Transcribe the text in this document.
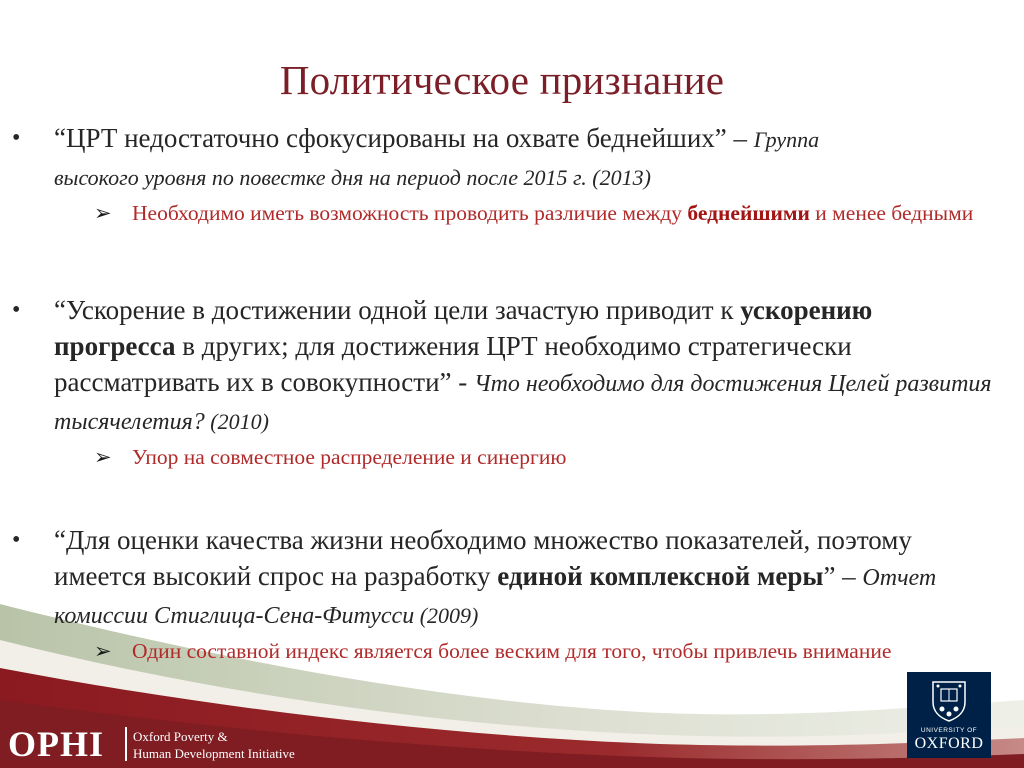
Политическое признание
• “ЦРТ недостаточно сфокусированы на охвате беднейших” – Группа
высокого уровня по повестке дня на период после 2015 г. (2013)
➢ Необходимо иметь возможность проводить различие между беднейшими и менее бедными
• “Ускорение в достижении одной цели зачастую приводит к ускорению прогресса в других; для достижения ЦРТ необходимо стратегически рассматривать их в совокупности” - Что необходимо для достижения Целей развития тысячелетия? (2010)
➢ Упор на совместное распределение и синергию
• “Для оценки качества жизни необходимо множество показателей, поэтому имеется высокий спрос на разработку единой комплексной меры” – Отчет комиссии Стиглица-Сена-Фитусси (2009)
➢ Один составной индекс является более веским для того, чтобы привлечь внимание
OPHI Oxford Poverty &
Human Development Initiative
UNIVERSITY OF
OXFORD
